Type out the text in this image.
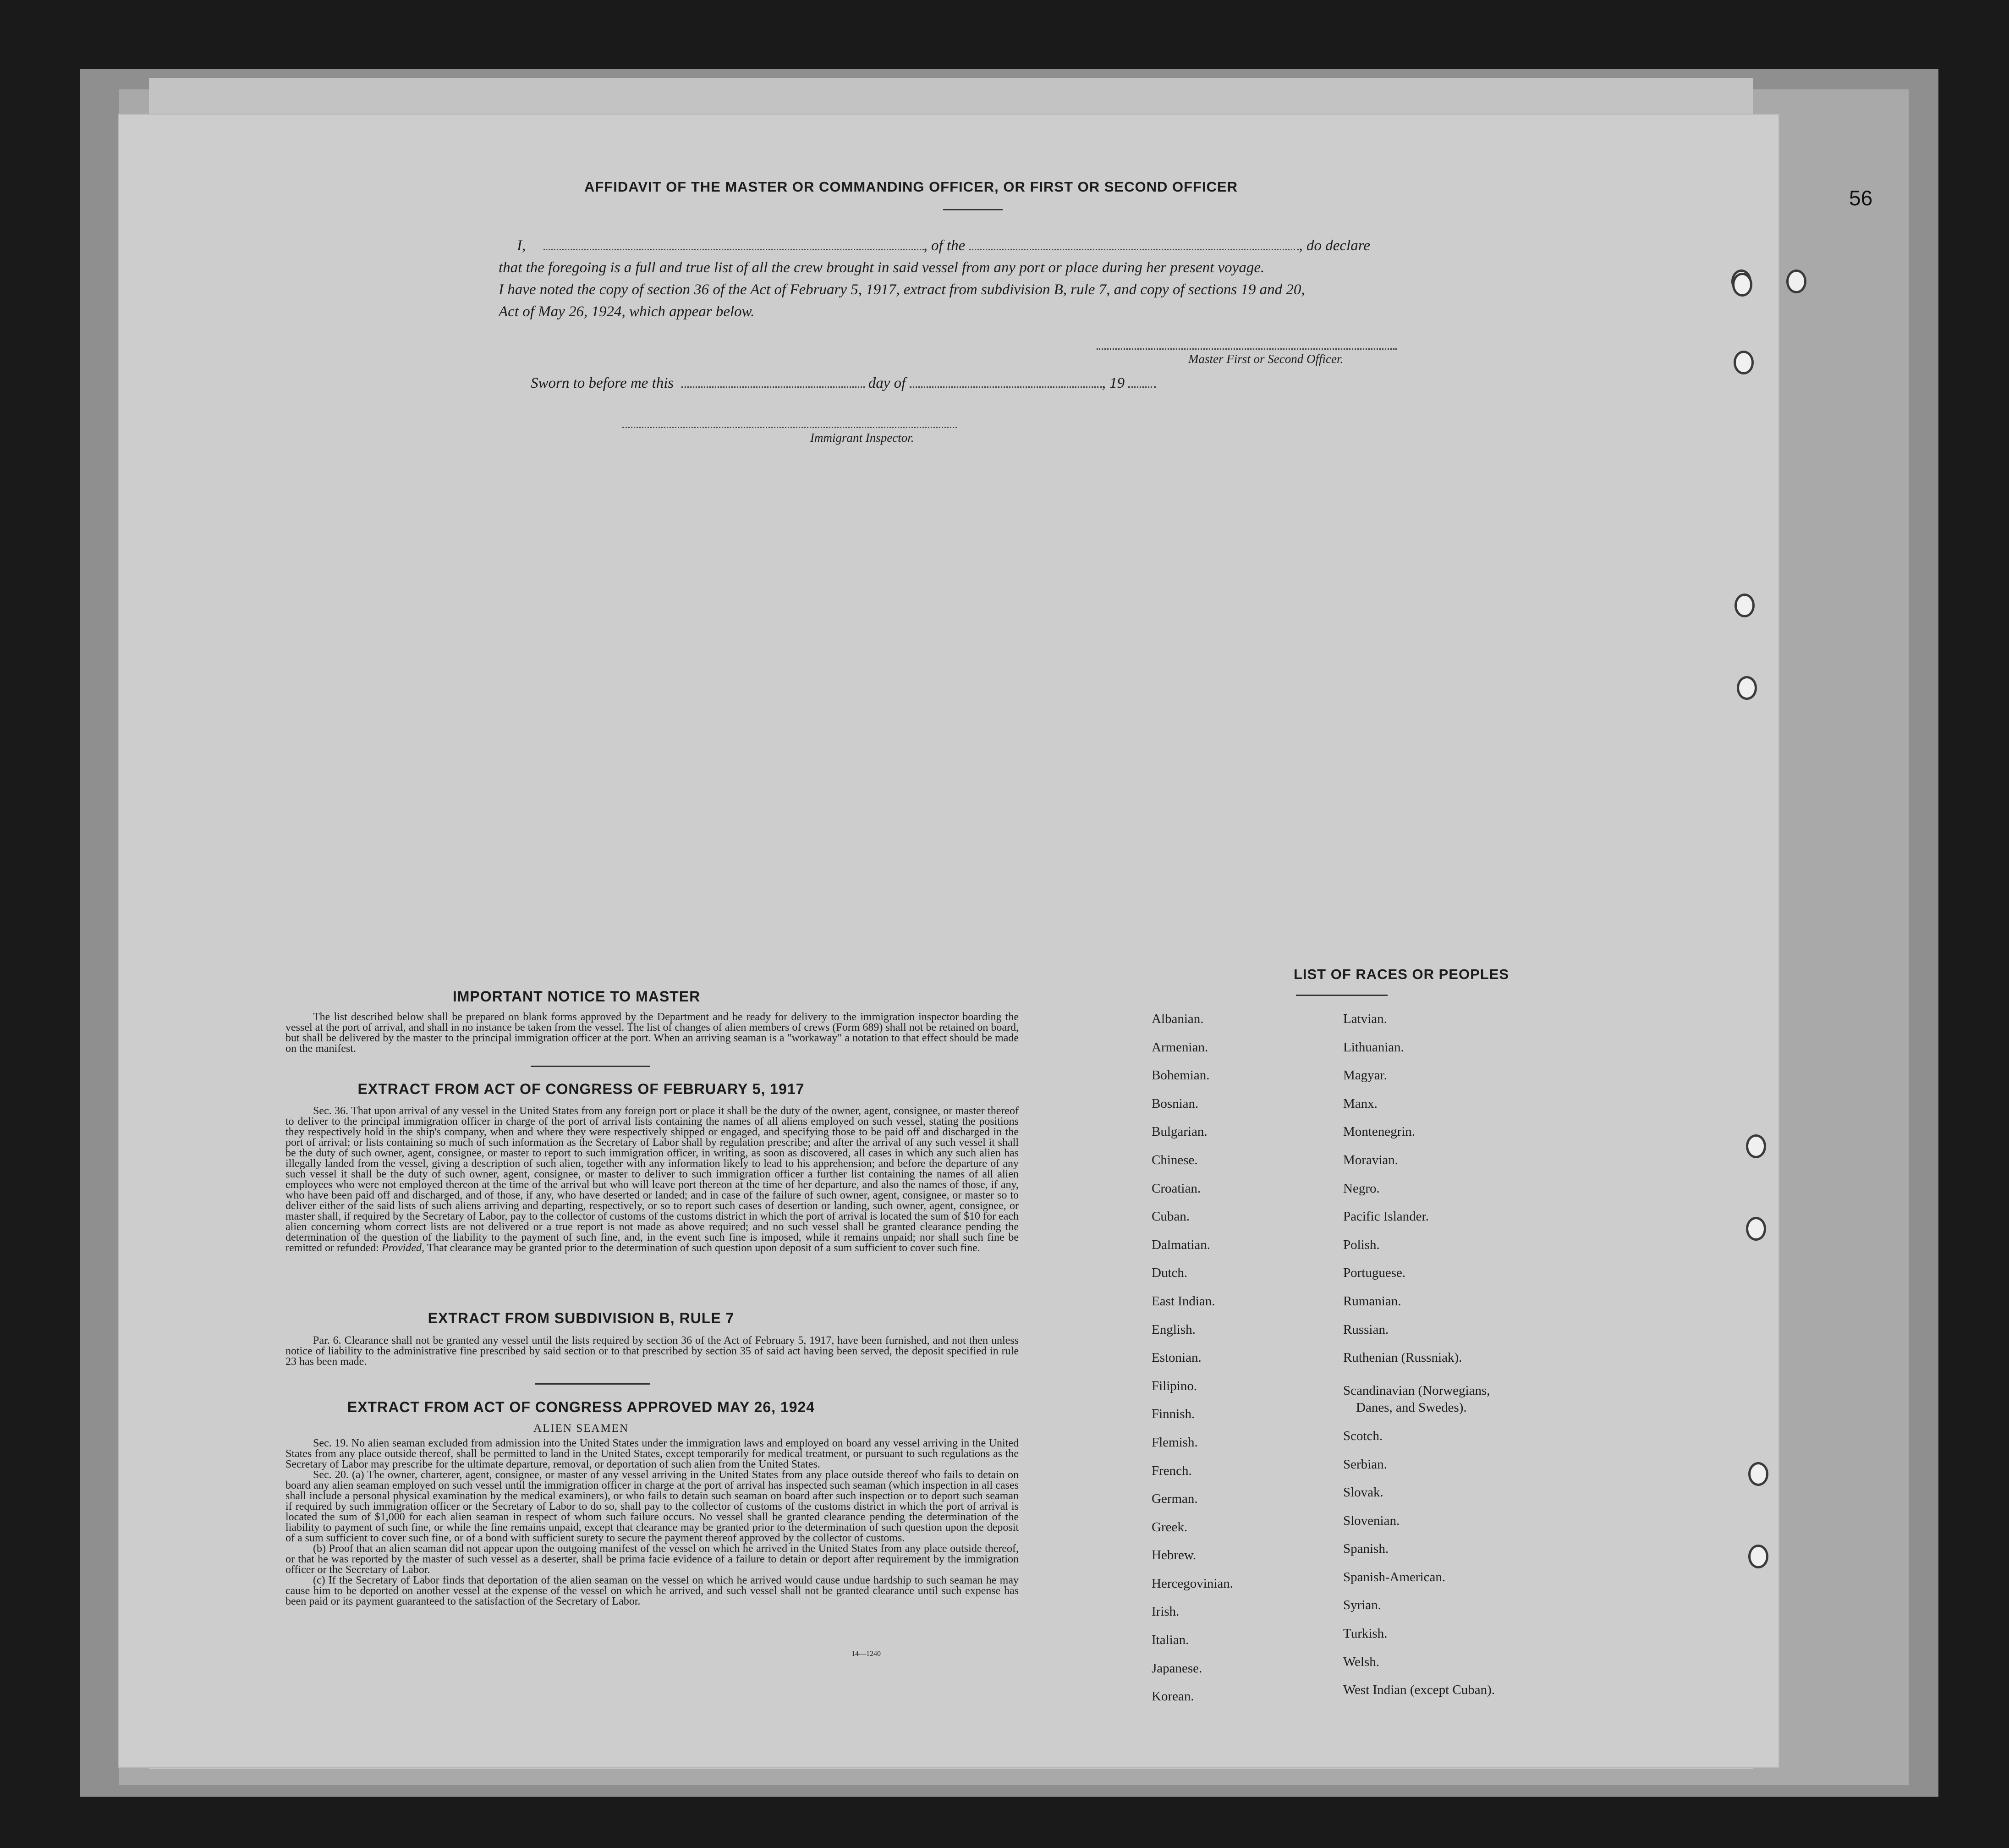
56
AFFIDAVIT OF THE MASTER OR COMMANDING OFFICER, OR FIRST OR SECOND OFFICER
I,	, of the	, do declare
that the foregoing is a full and true list of all the crew brought in said vessel from any port or place during her present voyage.
I have noted the copy of section 36 of the Act of February 5, 1917, extract from subdivision B, rule 7, and copy of sections 19 and 20,
Act of May 26, 1924, which appear below.
Master First or Second Officer.
Sworn to before me this	day of	, 19
Immigrant Inspector.
IMPORTANT NOTICE TO MASTER
The list described below shall be prepared on blank forms approved by the Department and be ready for delivery to the immigration inspector boarding the vessel at the port of arrival, and shall in no instance be taken from the vessel. The list of changes of alien members of crews (Form 689) shall not be retained on board, but shall be delivered by the master to the principal immigration officer at the port. When an arriving seaman is a "workaway" a notation to that effect should be made on the manifest.
EXTRACT FROM ACT OF CONGRESS OF FEBRUARY 5, 1917
Sec. 36. That upon arrival of any vessel in the United States from any foreign port or place it shall be the duty of the owner, agent, consignee, or master thereof to deliver to the principal immigration officer in charge of the port of arrival lists containing the names of all aliens employed on such vessel, stating the positions they respectively hold in the ship's company, when and where they were respectively shipped or engaged, and specifying those to be paid off and discharged in the port of arrival; or lists containing so much of such information as the Secretary of Labor shall by regulation prescribe; and after the arrival of any such vessel it shall be the duty of such owner, agent, consignee, or master to report to such immigration officer, in writing, as soon as discovered, all cases in which any such alien has illegally landed from the vessel, giving a description of such alien, together with any information likely to lead to his apprehension; and before the departure of any such vessel it shall be the duty of such owner, agent, consignee, or master to deliver to such immigration officer a further list containing the names of all alien employees who were not employed thereon at the time of the arrival but who will leave port thereon at the time of her departure, and also the names of those, if any, who have been paid off and discharged, and of those, if any, who have deserted or landed; and in case of the failure of such owner, agent, consignee, or master so to deliver either of the said lists of such aliens arriving and departing, respectively, or so to report such cases of desertion or landing, such owner, agent, consignee, or master shall, if required by the Secretary of Labor, pay to the collector of customs of the customs district in which the port of arrival is located the sum of $10 for each alien concerning whom correct lists are not delivered or a true report is not made as above required; and no such vessel shall be granted clearance pending the determination of the question of the liability to the payment of such fine, and, in the event such fine is imposed, while it remains unpaid; nor shall such fine be remitted or refunded: Provided, That clearance may be granted prior to the determination of such question upon deposit of a sum sufficient to cover such fine.
EXTRACT FROM SUBDIVISION B, RULE 7
Par. 6. Clearance shall not be granted any vessel until the lists required by section 36 of the Act of February 5, 1917, have been furnished, and not then unless notice of liability to the administrative fine prescribed by said section or to that prescribed by section 35 of said act having been served, the deposit specified in rule 23 has been made.
EXTRACT FROM ACT OF CONGRESS APPROVED MAY 26, 1924
ALIEN SEAMEN
Sec. 19. No alien seaman excluded from admission into the United States under the immigration laws and employed on board any vessel arriving in the United States from any place outside thereof, shall be permitted to land in the United States, except temporarily for medical treatment, or pursuant to such regulations as the Secretary of Labor may prescribe for the ultimate departure, removal, or deportation of such alien from the United States.
Sec. 20. (a) The owner, charterer, agent, consignee, or master of any vessel arriving in the United States from any place outside thereof who fails to detain on board any alien seaman employed on such vessel until the immigration officer in charge at the port of arrival has inspected such seaman (which inspection in all cases shall include a personal physical examination by the medical examiners), or who fails to detain such seaman on board after such inspection or to deport such seaman if required by such immigration officer or the Secretary of Labor to do so, shall pay to the collector of customs of the customs district in which the port of arrival is located the sum of $1,000 for each alien seaman in respect of whom such failure occurs. No vessel shall be granted clearance pending the determination of the liability to payment of such fine, or while the fine remains unpaid, except that clearance may be granted prior to the determination of such question upon the deposit of a sum sufficient to cover such fine, or of a bond with sufficient surety to secure the payment thereof approved by the collector of customs.
(b) Proof that an alien seaman did not appear upon the outgoing manifest of the vessel on which he arrived in the United States from any place outside thereof, or that he was reported by the master of such vessel as a deserter, shall be prima facie evidence of a failure to detain or deport after requirement by the immigration officer or the Secretary of Labor.
(c) If the Secretary of Labor finds that deportation of the alien seaman on the vessel on which he arrived would cause undue hardship to such seaman he may cause him to be deported on another vessel at the expense of the vessel on which he arrived, and such vessel shall not be granted clearance until such expense has been paid or its payment guaranteed to the satisfaction of the Secretary of Labor.
14—1240
LIST OF RACES OR PEOPLES
Albanian.
Armenian.
Bohemian.
Bosnian.
Bulgarian.
Chinese.
Croatian.
Cuban.
Dalmatian.
Dutch.
East Indian.
English.
Estonian.
Filipino.
Finnish.
Flemish.
French.
German.
Greek.
Hebrew.
Hercegovinian.
Irish.
Italian.
Japanese.
Korean.
Latvian.
Lithuanian.
Magyar.
Manx.
Montenegrin.
Moravian.
Negro.
Pacific Islander.
Polish.
Portuguese.
Rumanian.
Russian.
Ruthenian (Russniak).
Scandinavian (Norwegians,
Danes, and Swedes).
Scotch.
Serbian.
Slovak.
Slovenian.
Spanish.
Spanish-American.
Syrian.
Turkish.
Welsh.
West Indian (except Cuban).
